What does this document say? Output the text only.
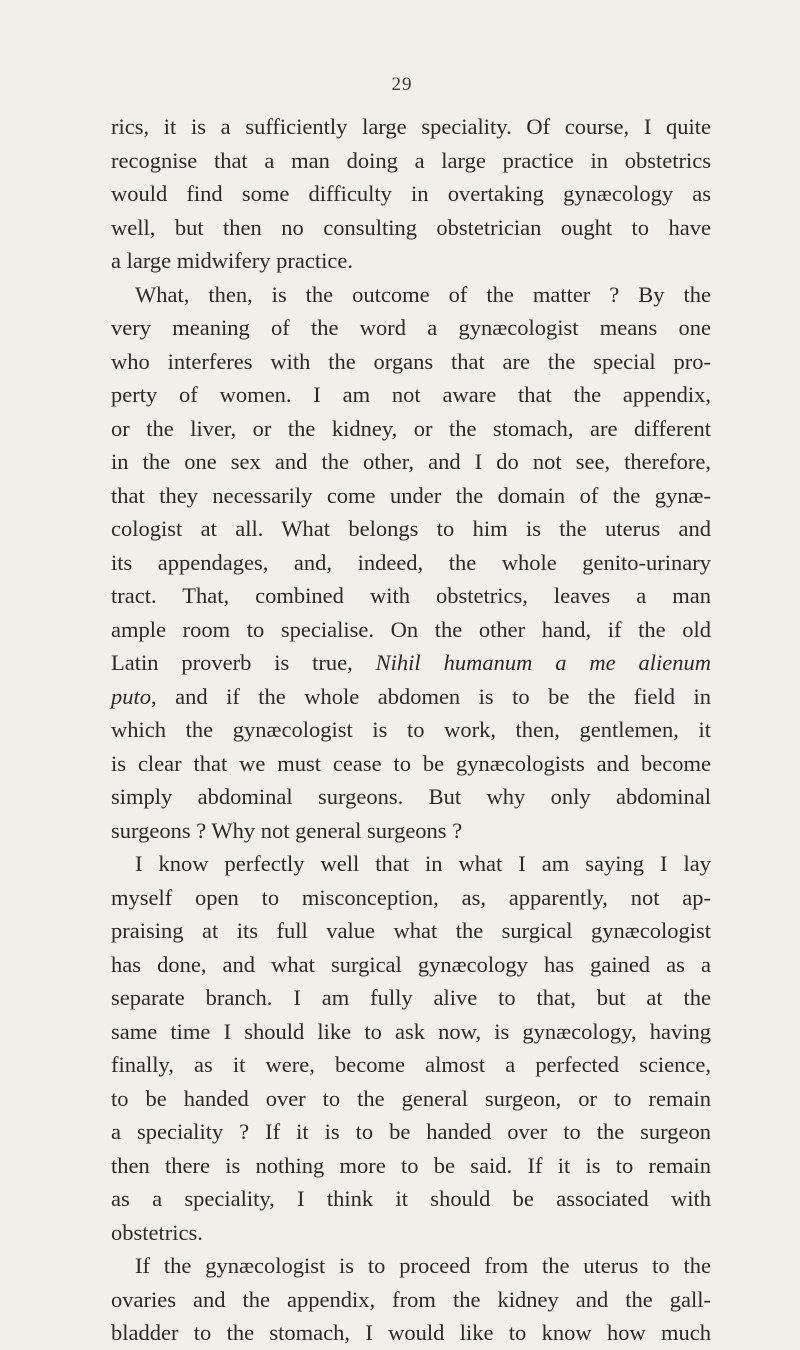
29
rics, it is a sufficiently large speciality. Of course, I quite
recognise that a man doing a large practice in obstetrics
would find some difficulty in overtaking gynæcology as
well, but then no consulting obstetrician ought to have
a large midwifery practice.
What, then, is the outcome of the matter ? By the
very meaning of the word a gynæcologist means one
who interferes with the organs that are the special pro-
perty of women. I am not aware that the appendix,
or the liver, or the kidney, or the stomach, are different
in the one sex and the other, and I do not see, therefore,
that they necessarily come under the domain of the gynæ-
cologist at all. What belongs to him is the uterus and
its appendages, and, indeed, the whole genito-urinary
tract. That, combined with obstetrics, leaves a man
ample room to specialise. On the other hand, if the old
Latin proverb is true, Nihil humanum a me alienum
puto, and if the whole abdomen is to be the field in
which the gynæcologist is to work, then, gentlemen, it
is clear that we must cease to be gynæcologists and become
simply abdominal surgeons. But why only abdominal
surgeons ? Why not general surgeons ?
I know perfectly well that in what I am saying I lay
myself open to misconception, as, apparently, not ap-
praising at its full value what the surgical gynæcologist
has done, and what surgical gynæcology has gained as a
separate branch. I am fully alive to that, but at the
same time I should like to ask now, is gynæcology, having
finally, as it were, become almost a perfected science,
to be handed over to the general surgeon, or to remain
a speciality ? If it is to be handed over to the surgeon
then there is nothing more to be said. If it is to remain
as a speciality, I think it should be associated with
obstetrics.
If the gynæcologist is to proceed from the uterus to the
ovaries and the appendix, from the kidney and the gall-
bladder to the stomach, I would like to know how much
